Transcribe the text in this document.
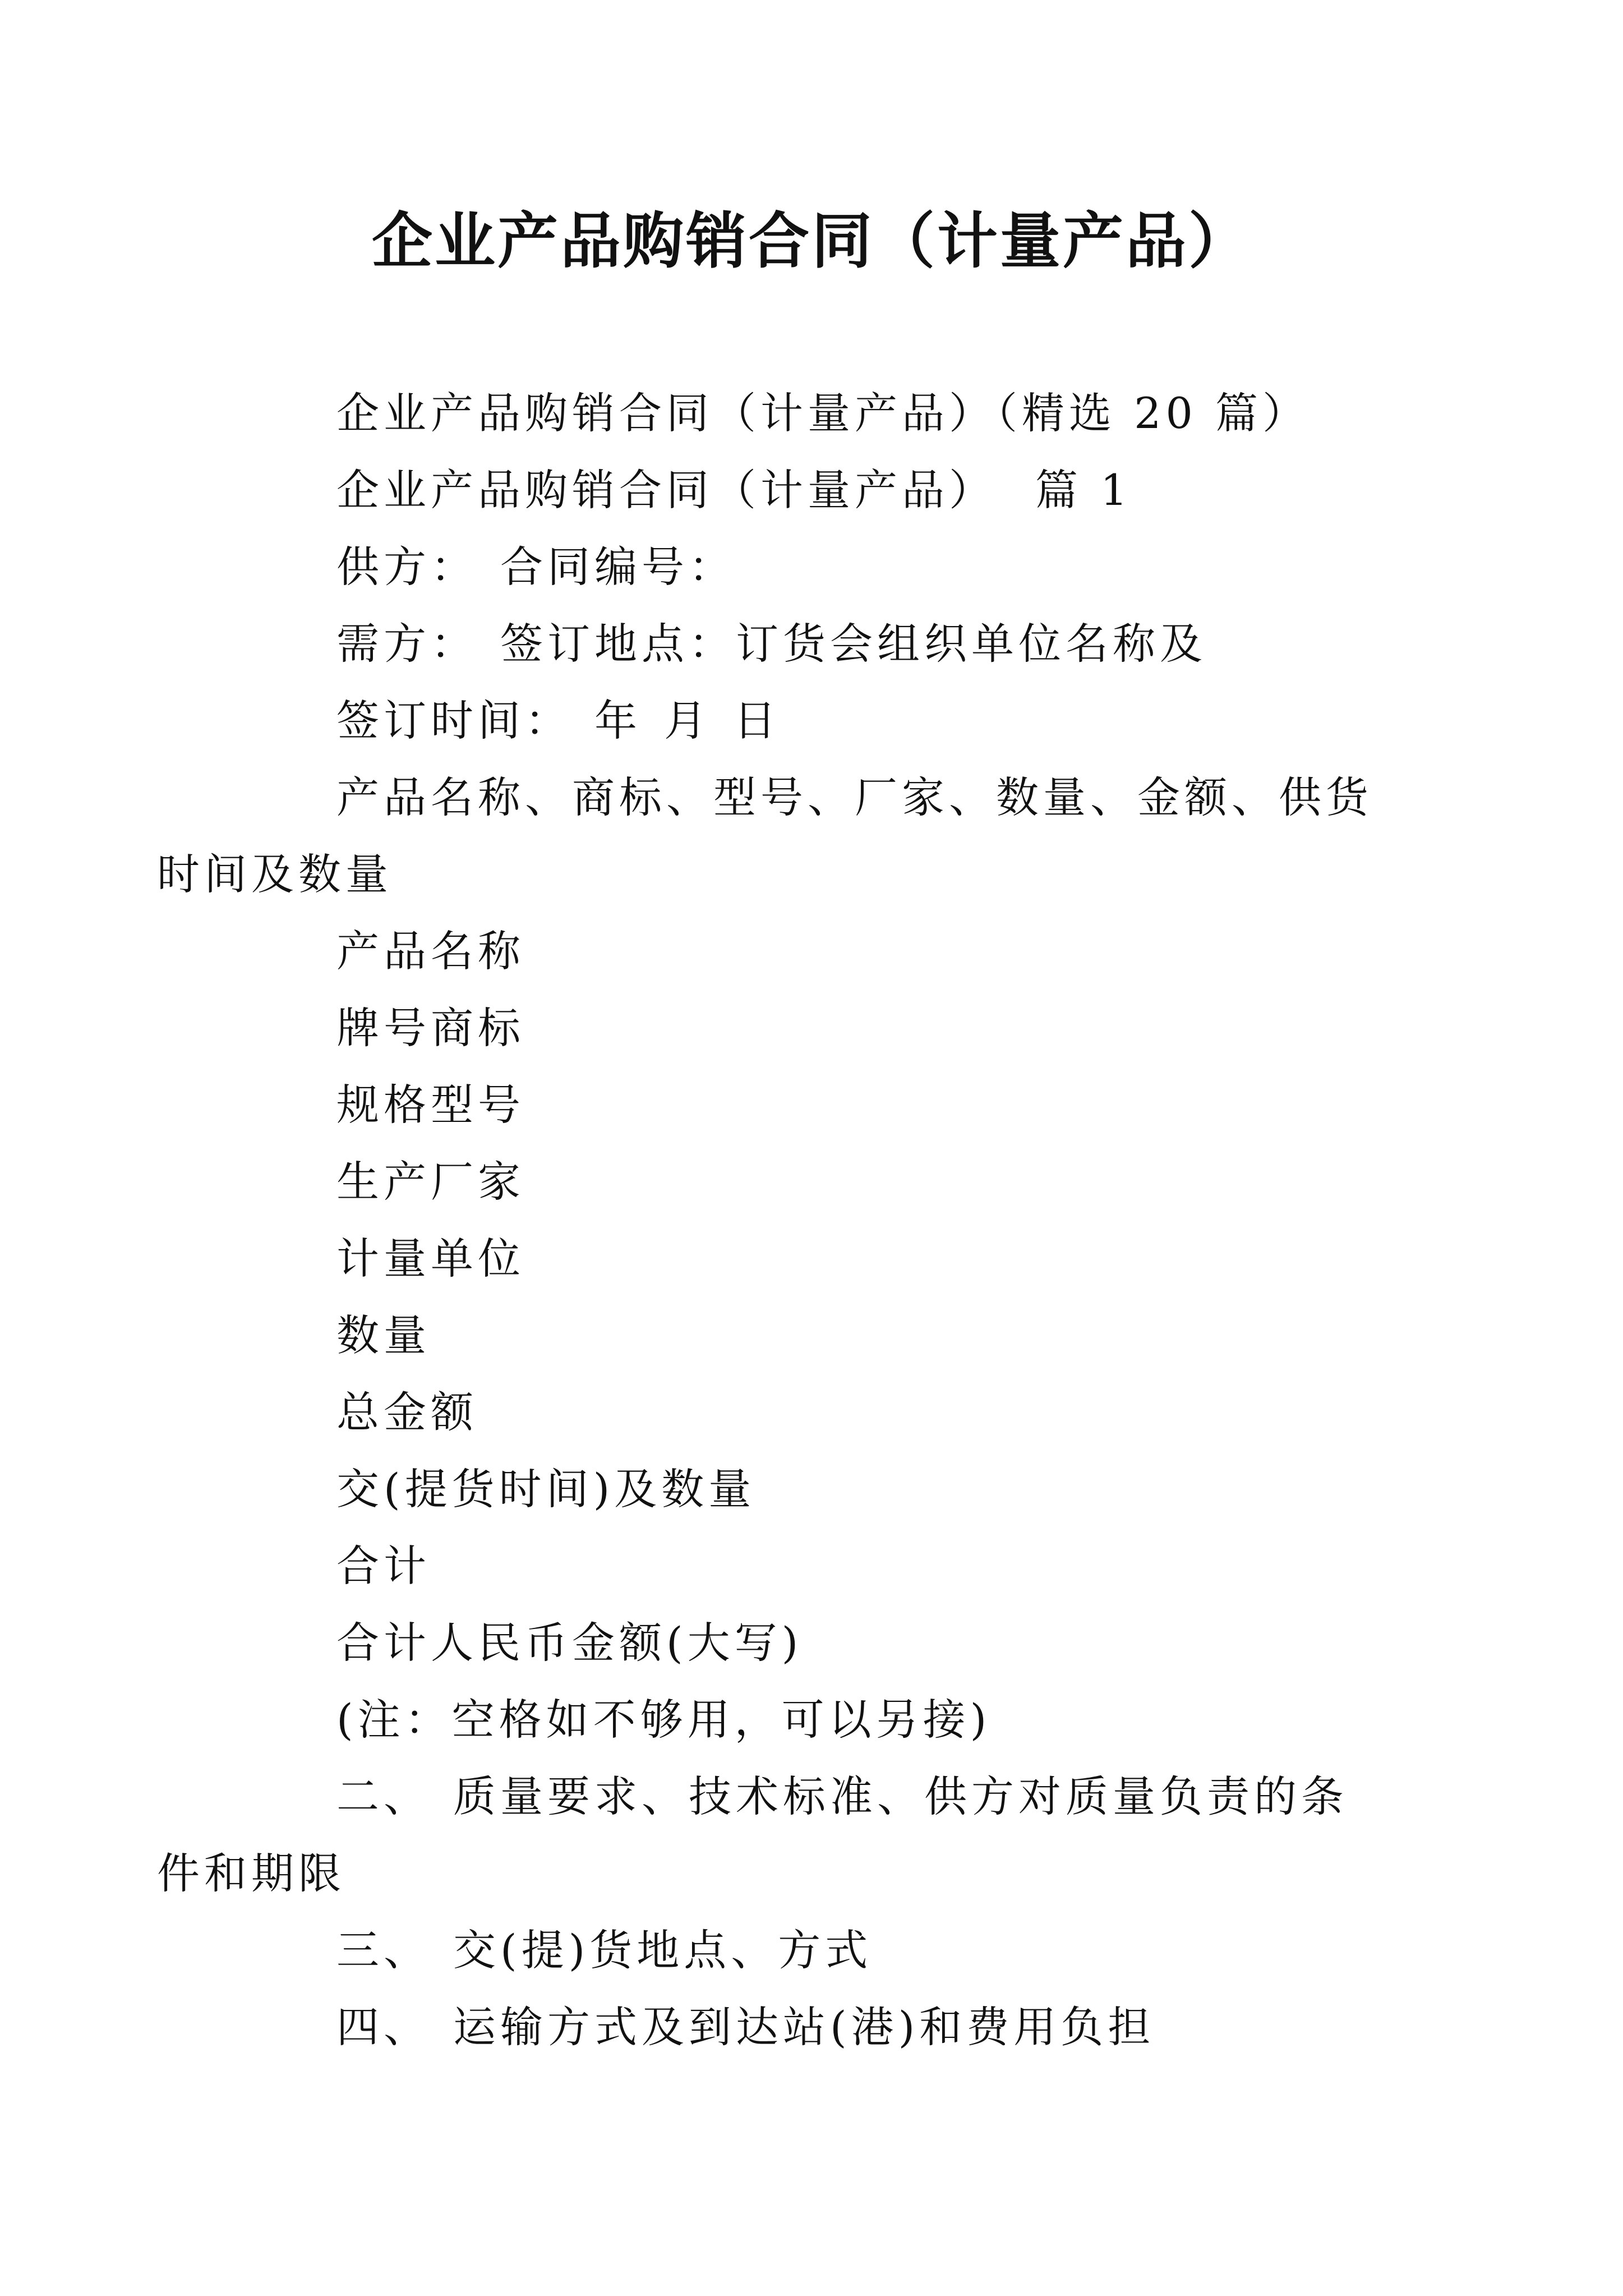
企业产品购销合同（计量产品）

企业产品购销合同（计量产品）（精选 20 篇）

企业产品购销合同（计量产品） 篇 1

供方： 合同编号：

需方： 签订地点：订货会组织单位名称及

签订时间： 年 月 日

产品名称、商标、型号、厂家、数量、金额、供货时间及数量

产品名称

牌号商标

规格型号

生产厂家

计量单位

数量

总金额

交(提货时间)及数量

合计

合计人民币金额(大写)

(注：空格如不够用，可以另接)

二、 质量要求、技术标准、供方对质量负责的条件和期限

三、 交(提)货地点、方式

四、 运输方式及到达站(港)和费用负担
